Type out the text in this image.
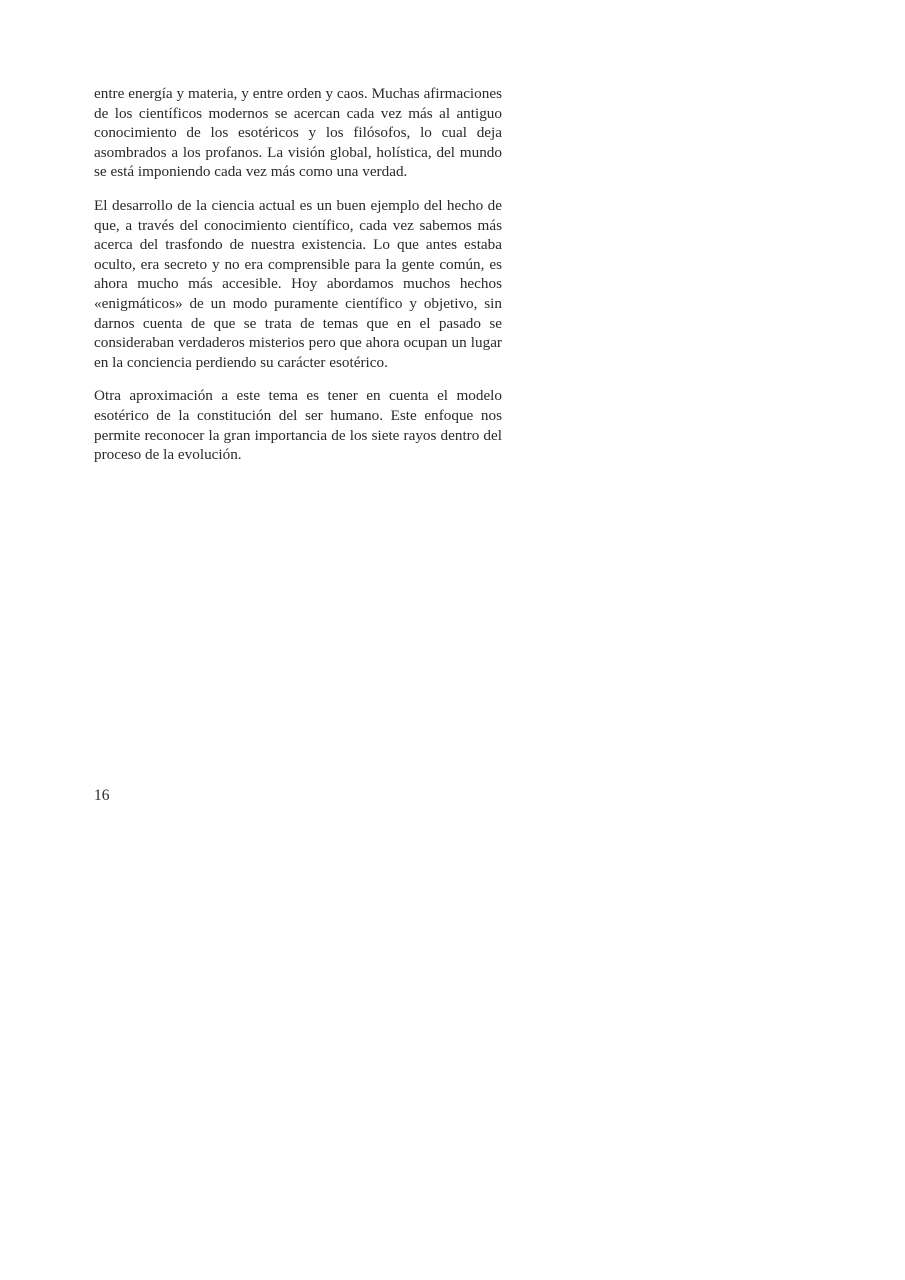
entre energía y materia, y entre orden y caos. Muchas afirmaciones de los científicos modernos se acercan cada vez más al antiguo conocimiento de los esotéricos y los filósofos, lo cual deja asombrados a los profanos. La visión global, holística, del mundo se está imponiendo cada vez más como una verdad.

El desarrollo de la ciencia actual es un buen ejemplo del hecho de que, a través del conocimiento científico, cada vez sabemos más acerca del trasfondo de nuestra existencia. Lo que antes estaba oculto, era secreto y no era comprensible para la gente común, es ahora mucho más accesible. Hoy abordamos muchos hechos «enigmáticos» de un modo puramente científico y objetivo, sin darnos cuenta de que se trata de temas que en el pasado se consideraban verdaderos misterios pero que ahora ocupan un lugar en la conciencia perdiendo su carácter esotérico.

Otra aproximación a este tema es tener en cuenta el modelo esotérico de la constitución del ser humano. Este enfoque nos permite reconocer la gran importancia de los siete rayos dentro del proceso de la evolución.

16
